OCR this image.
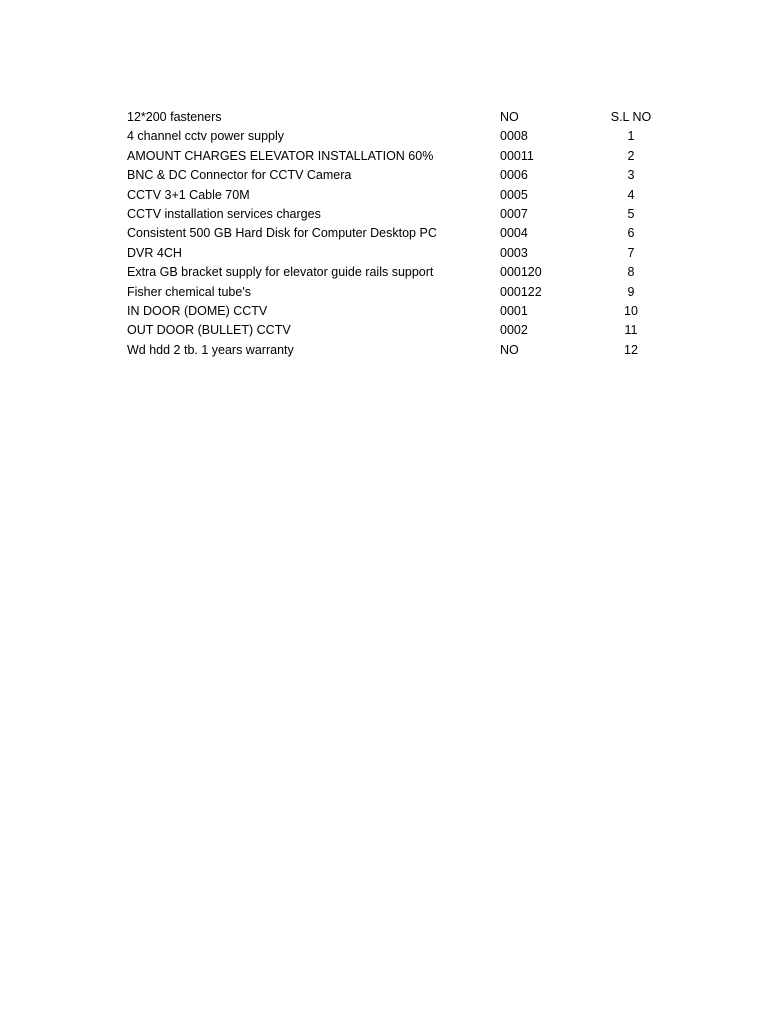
12*200 fasteners	NO	S.L NO
4 channel cctv power supply	0008	1
AMOUNT CHARGES ELEVATOR INSTALLATION 60%	00011	2
BNC & DC Connector for CCTV Camera	0006	3
CCTV 3+1 Cable 70M	0005	4
CCTV installation services charges	0007	5
Consistent 500 GB Hard Disk for Computer Desktop PC	0004	6
DVR 4CH	0003	7
Extra GB bracket supply for elevator guide rails support	000120	8
Fisher chemical tube's	000122	9
IN DOOR (DOME) CCTV	0001	10
OUT DOOR (BULLET) CCTV	0002	11
Wd hdd 2 tb. 1 years warranty	NO	12
